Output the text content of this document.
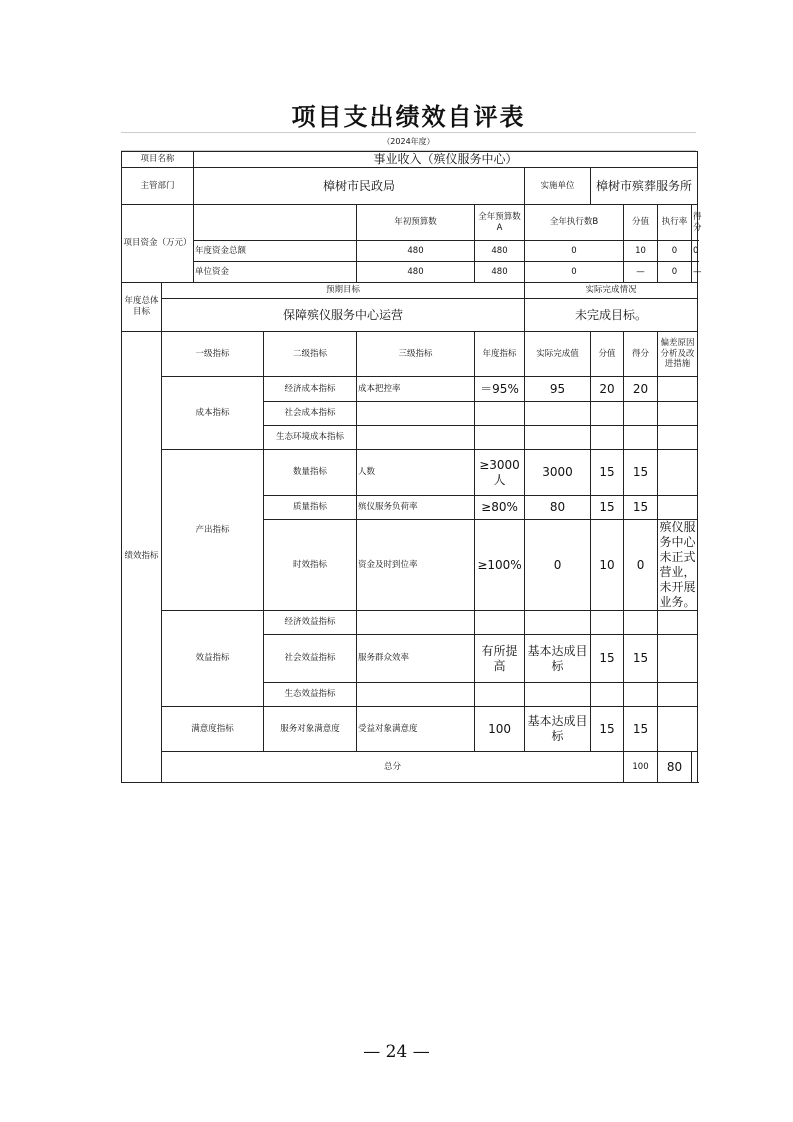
项目支出绩效自评表
（2024年度）
项目名称		事业收入（殡仪服务中心）								
主管部门		樟树市民政局				实施单位	樟树市殡葬服务所			
项目资金（万元）				年初预算数	全年预算数A	全年执行数B		分值	执行率	得分
		年度资金总额		480	480	0		10	0	0
		单位资金		480	480	0		—	0	—
年度总体目标	预期目标					实际完成情况				
	保障殡仪服务中心运营					未完成目标。				
绩效指标	一级指标		二级指标	三级指标	年度指标	实际完成值	分值	得分	偏差原因分析及改进措施	
	成本指标		经济成本指标	成本把控率	＝95%	95	20	20		
			社会成本指标							
			生态环境成本指标							
	产出指标		数量指标	人数	≥3000人	3000	15	15		
			质量指标	殡仪服务负荷率	≥80%	80	15	15		
			时效指标	资金及时到位率	≥100%	0	10	0	殡仪服务中心未正式营业，未开展业务。	
	效益指标		经济效益指标							
			社会效益指标	服务群众效率	有所提高	基本达成目标	15	15		
			生态效益指标							
	满意度指标		服务对象满意度	受益对象满意度	100	基本达成目标	15	15		
	总分							100	80	
— 24 —
